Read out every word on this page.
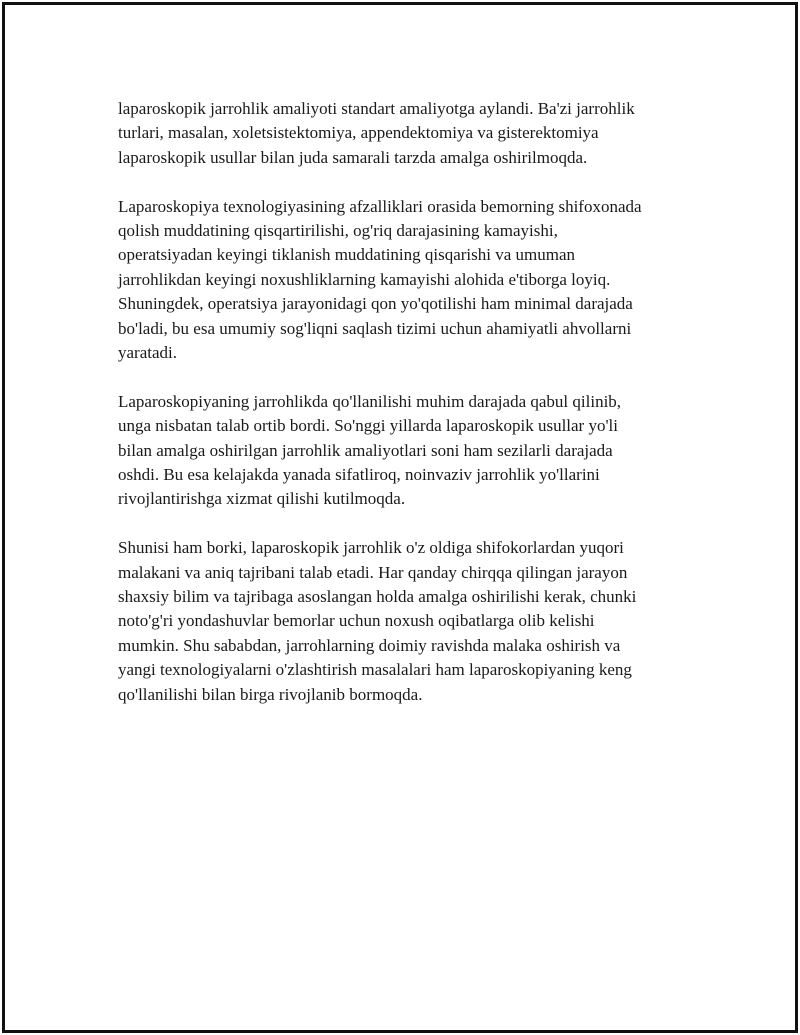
laparoskopik jarrohlik amaliyoti standart amaliyotga aylandi. Ba'zi jarrohlik
turlari, masalan, xoletsistektomiya, appendektomiya va gisterektomiya
laparoskopik usullar bilan juda samarali tarzda amalga oshirilmoqda.

Laparoskopiya texnologiyasining afzalliklari orasida bemorning shifoxonada
qolish muddatining qisqartirilishi, og'riq darajasining kamayishi,
operatsiyadan keyingi tiklanish muddatining qisqarishi va umuman
jarrohlikdan keyingi noxushliklarning kamayishi alohida e'tiborga loyiq.
Shuningdek, operatsiya jarayonidagi qon yo'qotilishi ham minimal darajada
bo'ladi, bu esa umumiy sog'liqni saqlash tizimi uchun ahamiyatli ahvollarni
yaratadi.

Laparoskopiyaning jarrohlikda qo'llanilishi muhim darajada qabul qilinib,
unga nisbatan talab ortib bordi. So'nggi yillarda laparoskopik usullar yo'li
bilan amalga oshirilgan jarrohlik amaliyotlari soni ham sezilarli darajada
oshdi. Bu esa kelajakda yanada sifatliroq, noinvaziv jarrohlik yo'llarini
rivojlantirishga xizmat qilishi kutilmoqda.

Shunisi ham borki, laparoskopik jarrohlik o'z oldiga shifokorlardan yuqori
malakani va aniq tajribani talab etadi. Har qanday chirqqa qilingan jarayon
shaxsiy bilim va tajribaga asoslangan holda amalga oshirilishi kerak, chunki
noto'g'ri yondashuvlar bemorlar uchun noxush oqibatlarga olib kelishi
mumkin. Shu sababdan, jarrohlarning doimiy ravishda malaka oshirish va
yangi texnologiyalarni o'zlashtirish masalalari ham laparoskopiyaning keng
qo'llanilishi bilan birga rivojlanib bormoqda.
